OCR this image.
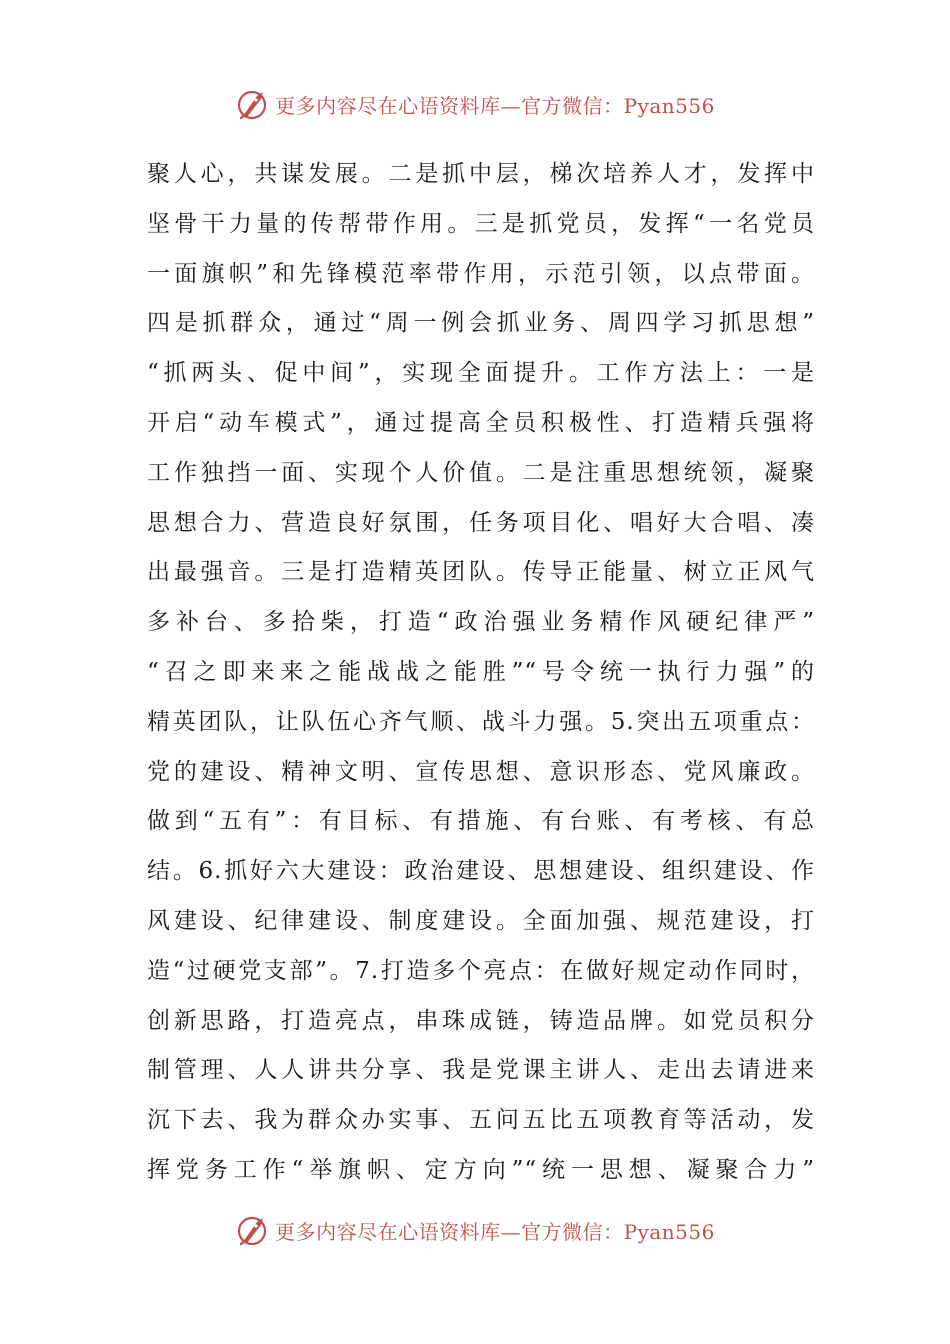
更多内容尽在心语资料库—官方微信：Pyan556
聚人心，共谋发展。二是抓中层，梯次培养人才，发挥中
坚骨干力量的传帮带作用。三是抓党员，发挥“一名党员
一面旗帜”和先锋模范率带作用，示范引领，以点带面。
四是抓群众，通过“周一例会抓业务、周四学习抓思想”
“抓两头、促中间”，实现全面提升。工作方法上：一是
开启“动车模式”，通过提高全员积极性、打造精兵强将
工作独挡一面、实现个人价值。二是注重思想统领，凝聚
思想合力、营造良好氛围，任务项目化、唱好大合唱、凑
出最强音。三是打造精英团队。传导正能量、树立正风气
多补台、多拾柴，打造“政治强业务精作风硬纪律严”
“召之即来来之能战战之能胜”“号令统一执行力强”的
精英团队，让队伍心齐气顺、战斗力强。5.突出五项重点：
党的建设、精神文明、宣传思想、意识形态、党风廉政。
做到“五有”：有目标、有措施、有台账、有考核、有总
结。6.抓好六大建设：政治建设、思想建设、组织建设、作
风建设、纪律建设、制度建设。全面加强、规范建设，打
造“过硬党支部”。7.打造多个亮点：在做好规定动作同时，
创新思路，打造亮点，串珠成链，铸造品牌。如党员积分
制管理、人人讲共分享、我是党课主讲人、走出去请进来
沉下去、我为群众办实事、五问五比五项教育等活动，发
挥党务工作“举旗帜、定方向”“统一思想、凝聚合力”
更多内容尽在心语资料库—官方微信：Pyan556
